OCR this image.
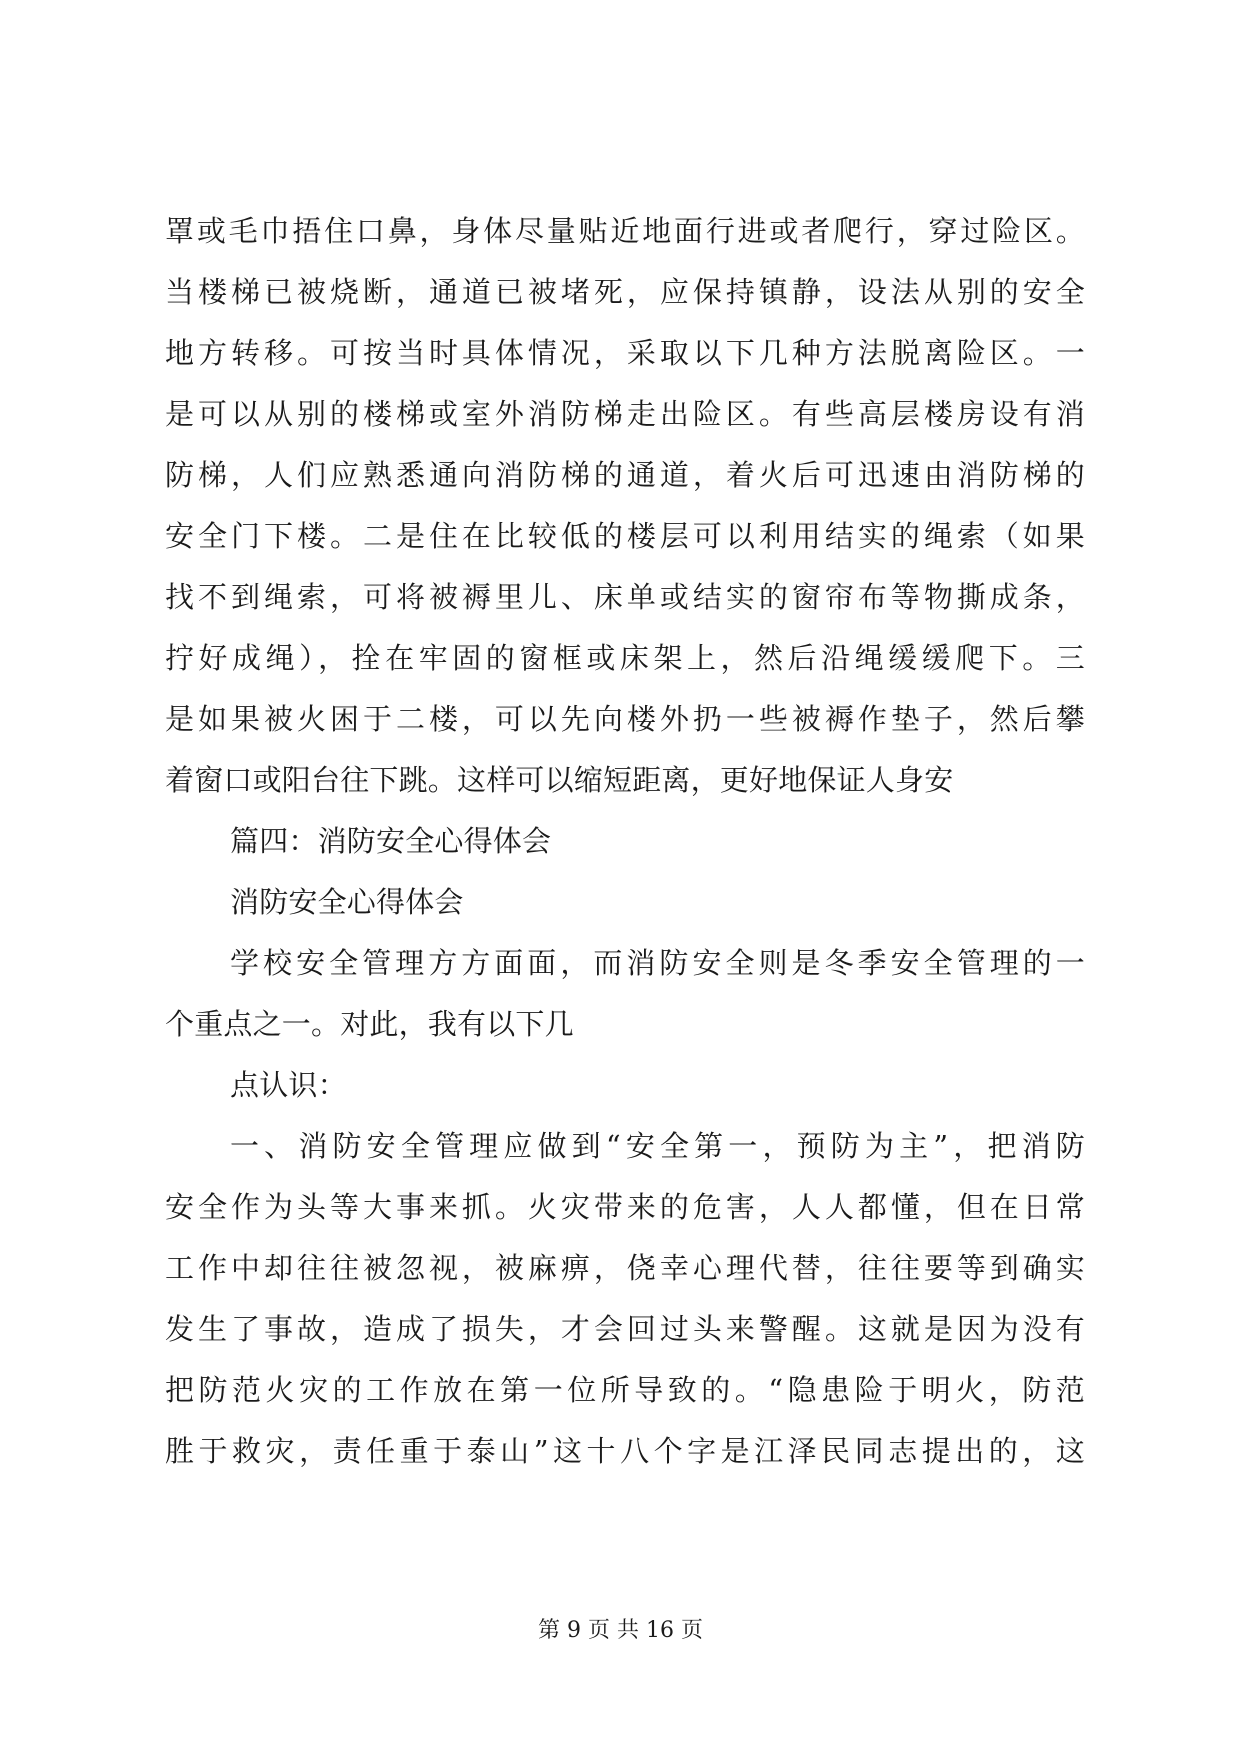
罩或毛巾捂住口鼻，身体尽量贴近地面行进或者爬行，穿过险区。
当楼梯已被烧断，通道已被堵死，应保持镇静，设法从别的安全
地方转移。可按当时具体情况，采取以下几种方法脱离险区。一
是可以从别的楼梯或室外消防梯走出险区。有些高层楼房设有消
防梯，人们应熟悉通向消防梯的通道，着火后可迅速由消防梯的
安全门下楼。二是住在比较低的楼层可以利用结实的绳索（如果
找不到绳索，可将被褥里儿、床单或结实的窗帘布等物撕成条，
拧好成绳），拴在牢固的窗框或床架上，然后沿绳缓缓爬下。三
是如果被火困于二楼，可以先向楼外扔一些被褥作垫子，然后攀
着窗口或阳台往下跳。这样可以缩短距离，更好地保证人身安
篇四：消防安全心得体会
消防安全心得体会
学校安全管理方方面面，而消防安全则是冬季安全管理的一
个重点之一。对此，我有以下几
点认识：
一、消防安全管理应做到“安全第一，预防为主”，把消防
安全作为头等大事来抓。火灾带来的危害，人人都懂，但在日常
工作中却往往被忽视，被麻痹，侥幸心理代替，往往要等到确实
发生了事故，造成了损失，才会回过头来警醒。这就是因为没有
把防范火灾的工作放在第一位所导致的。“隐患险于明火，防范
胜于救灾，责任重于泰山”这十八个字是江泽民同志提出的，这
第 9 页 共 16 页
